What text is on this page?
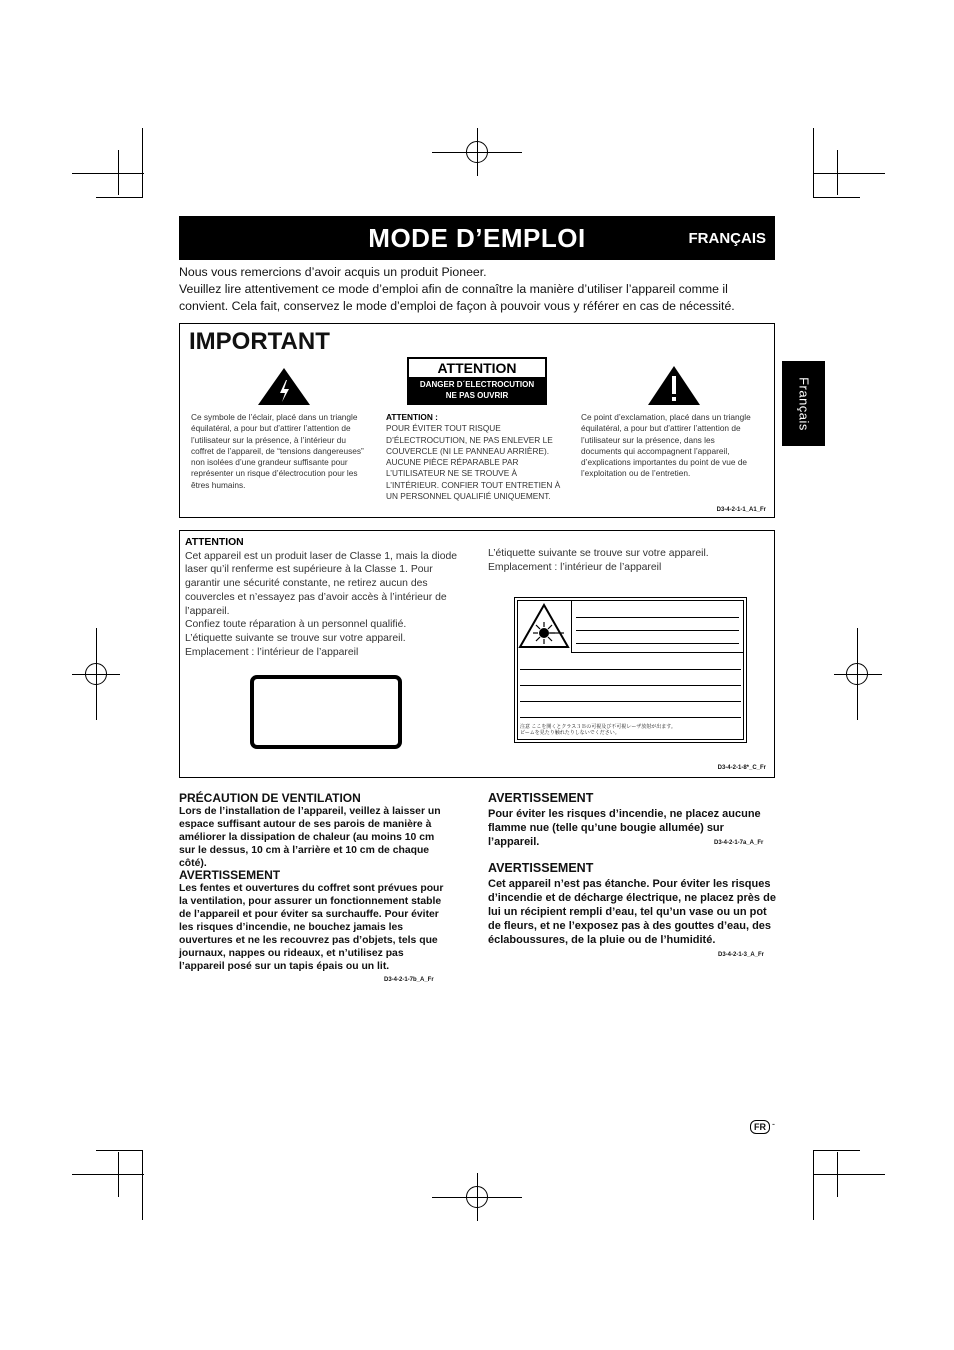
MODE D’EMPLOI	FRANÇAIS
Nous vous remercions d’avoir acquis un produit Pioneer.
Veuillez lire attentivement ce mode d’emploi afin de connaître la manière d’utiliser l’appareil comme il convient. Cela fait, conservez le mode d’emploi de façon à pouvoir vous y référer en cas de nécessité.
Français
IMPORTANT
ATTENTION
DANGER D´ELECTROCUTION
NE PAS OUVRIR
Ce symbole de l’éclair, placé dans un triangle équilatéral, a pour but d’attirer l’attention de l’utilisateur sur la présence, à l’intérieur du coffret de l’appareil, de “tensions dangereuses” non isolées d’une grandeur suffisante pour représenter un risque d’électrocution pour les êtres humains.
ATTENTION :
POUR ÉVITER TOUT RISQUE D’ÉLECTROCUTION, NE PAS ENLEVER LE COUVERCLE (NI LE PANNEAU ARRIÈRE). AUCUNE PIÈCE RÉPARABLE PAR L’UTILISATEUR NE SE TROUVE À L’INTÉRIEUR. CONFIER TOUT ENTRETIEN À UN PERSONNEL QUALIFIÉ UNIQUEMENT.
Ce point d’exclamation, placé dans un triangle équilatéral, a pour but d’attirer l’attention de l’utilisateur sur la présence, dans les documents qui accompagnent l’appareil, d’explications importantes du point de vue de l’exploitation ou de l’entretien.
D3-4-2-1-1_A1_Fr
ATTENTION
Cet appareil est un produit laser de Classe 1, mais la diode laser qu’il renferme est supérieure à la Classe 1. Pour garantir une sécurité constante, ne retirez aucun des couvercles et n’essayez pas d’avoir accès à l’intérieur de l’appareil.
Confiez toute réparation à un personnel qualifié.
L’étiquette suivante se trouve sur votre appareil.
Emplacement : l’intérieur de l’appareil
L’étiquette suivante se trouve sur votre appareil.
Emplacement : l’intérieur de l’appareil
注意 ここを開くとクラス３Ｂの可視及び不可視レーザ放射が出ます。
ビームを見たり触れたりしないでください。
D3-4-2-1-8*_C_Fr
PRÉCAUTION DE VENTILATION
Lors de l’installation de l’appareil, veillez à laisser un espace suffisant autour de ses parois de manière à améliorer la dissipation de chaleur (au moins 10 cm sur le dessus, 10 cm à l’arrière et 10 cm de chaque côté).
AVERTISSEMENT
Les fentes et ouvertures du coffret sont prévues pour la ventilation, pour assurer un fonctionnement stable de l’appareil et pour éviter sa surchauffe. Pour éviter les risques d’incendie, ne bouchez jamais les ouvertures et ne les recouvrez pas d’objets, tels que journaux, nappes ou rideaux, et n’utilisez pas l’appareil posé sur un tapis épais ou un lit.
D3-4-2-1-7b_A_Fr
AVERTISSEMENT
Pour éviter les risques d’incendie, ne placez aucune flamme nue (telle qu’une bougie allumée) sur l’appareil.	D3-4-2-1-7a_A_Fr
AVERTISSEMENT
Cet appareil n’est pas étanche. Pour éviter les risques d’incendie et de décharge électrique, ne placez près de lui un récipient rempli d’eau, tel qu’un vase ou un pot de fleurs, et ne l’exposez pas à des gouttes d’eau, des éclaboussures, de la pluie ou de l’humidité.
D3-4-2-1-3_A_Fr
FR -
